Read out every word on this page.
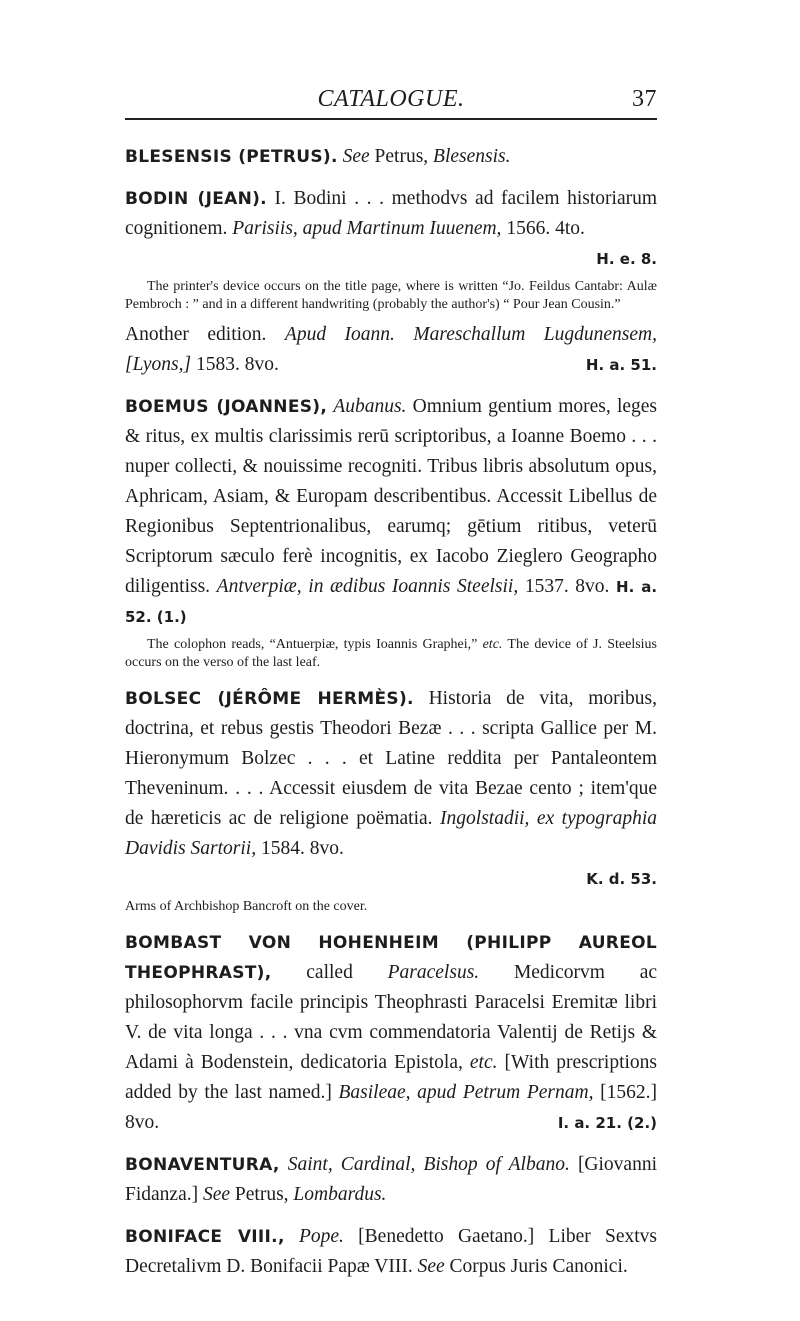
CATALOGUE.	37

BLESENSIS (PETRUS). See Petrus, Blesensis.

BODIN (JEAN). I. Bodini . . . methodvs ad facilem historiarum cognitionem. Parisiis, apud Martinum Iuuenem, 1566. 4to.

H. e. 8.
The printer's device occurs on the title page, where is written “Jo. Feildus Cantabr: Aulæ Pembroch : ” and in a different handwriting (probably the author's) “ Pour Jean Cousin.”

Another edition. Apud Ioann. Mareschallum Lugdunensem, [Lyons,] 1583. 8vo.	H. a. 51.

BOEMUS (JOANNES), Aubanus. Omnium gentium mores, leges & ritus, ex multis clarissimis rerū scriptoribus, a Ioanne Boemo . . . nuper collecti, & nouissime recogniti. Tribus libris absolutum opus, Aphricam, Asiam, & Europam describentibus. Accessit Libellus de Regionibus Septentrionalibus, earumq; gētium ritibus, veterū Scriptorum sæculo ferè incognitis, ex Iacobo Zieglero Geographo diligentiss. Antverpiæ, in ædibus Ioannis Steelsii, 1537. 8vo. H. a. 52. (1.)

The colophon reads, “Antuerpiæ, typis Ioannis Graphei,” etc. The device of J. Steelsius occurs on the verso of the last leaf.

BOLSEC (JÉRÔME HERMÈS). Historia de vita, moribus, doctrina, et rebus gestis Theodori Bezæ . . . scripta Gallice per M. Hieronymum Bolzec . . . et Latine reddita per Pantaleontem Theveninum. . . . Accessit eiusdem de vita Bezae cento ; item'que de hæreticis ac de religione poëmatia. Ingolstadii, ex typographia Davidis Sartorii, 1584. 8vo.

K. d. 53.
Arms of Archbishop Bancroft on the cover.

BOMBAST VON HOHENHEIM (PHILIPP AUREOL THEOPHRAST), called Paracelsus. Medicorvm ac philosophorvm facile principis Theophrasti Paracelsi Eremitæ libri V. de vita longa . . . vna cvm commendatoria Valentij de Retijs & Adami à Bodenstein, dedicatoria Epistola, etc. [With prescriptions added by the last named.] Basileae, apud Petrum Pernam, [1562.] 8vo.	I. a. 21. (2.)

BONAVENTURA, Saint, Cardinal, Bishop of Albano. [Giovanni Fidanza.] See Petrus, Lombardus.

BONIFACE VIII., Pope. [Benedetto Gaetano.] Liber Sextvs Decretalivm D. Bonifacii Papæ VIII. See Corpus Juris Canonici.
